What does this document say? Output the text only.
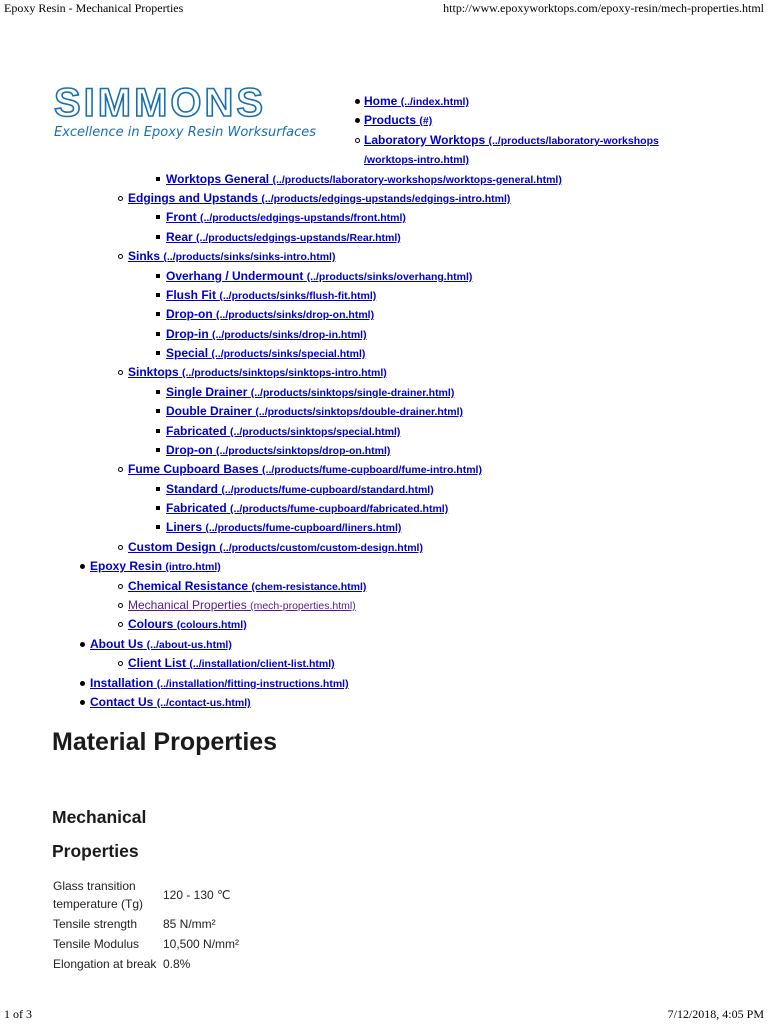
Epoxy Resin - Mechanical Properties	http://www.epoxyworktops.com/epoxy-resin/mech-properties.html
SIMMONS
Excellence in Epoxy Resin Worksurfaces
Home (../index.html)
Products (#)
Laboratory Worktops (../products/laboratory-workshops
/worktops-intro.html)
Worktops General (../products/laboratory-workshops/worktops-general.html)
Edgings and Upstands (../products/edgings-upstands/edgings-intro.html)
Front (../products/edgings-upstands/front.html)
Rear (../products/edgings-upstands/Rear.html)
Sinks (../products/sinks/sinks-intro.html)
Overhang / Undermount (../products/sinks/overhang.html)
Flush Fit (../products/sinks/flush-fit.html)
Drop-on (../products/sinks/drop-on.html)
Drop-in (../products/sinks/drop-in.html)
Special (../products/sinks/special.html)
Sinktops (../products/sinktops/sinktops-intro.html)
Single Drainer (../products/sinktops/single-drainer.html)
Double Drainer (../products/sinktops/double-drainer.html)
Fabricated (../products/sinktops/special.html)
Drop-on (../products/sinktops/drop-on.html)
Fume Cupboard Bases (../products/fume-cupboard/fume-intro.html)
Standard (../products/fume-cupboard/standard.html)
Fabricated (../products/fume-cupboard/fabricated.html)
Liners (../products/fume-cupboard/liners.html)
Custom Design (../products/custom/custom-design.html)
Epoxy Resin (intro.html)
Chemical Resistance (chem-resistance.html)
Mechanical Properties (mech-properties.html)
Colours (colours.html)
About Us (../about-us.html)
Client List (../installation/client-list.html)
Installation (../installation/fitting-instructions.html)
Contact Us (../contact-us.html)
Material Properties
Mechanical Properties
Glass transition temperature (Tg)	120 - 130 ℃
Tensile strength	85 N/mm²
Tensile Modulus	10,500 N/mm²
Elongation at break	0.8%
1 of 3	7/12/2018, 4:05 PM
